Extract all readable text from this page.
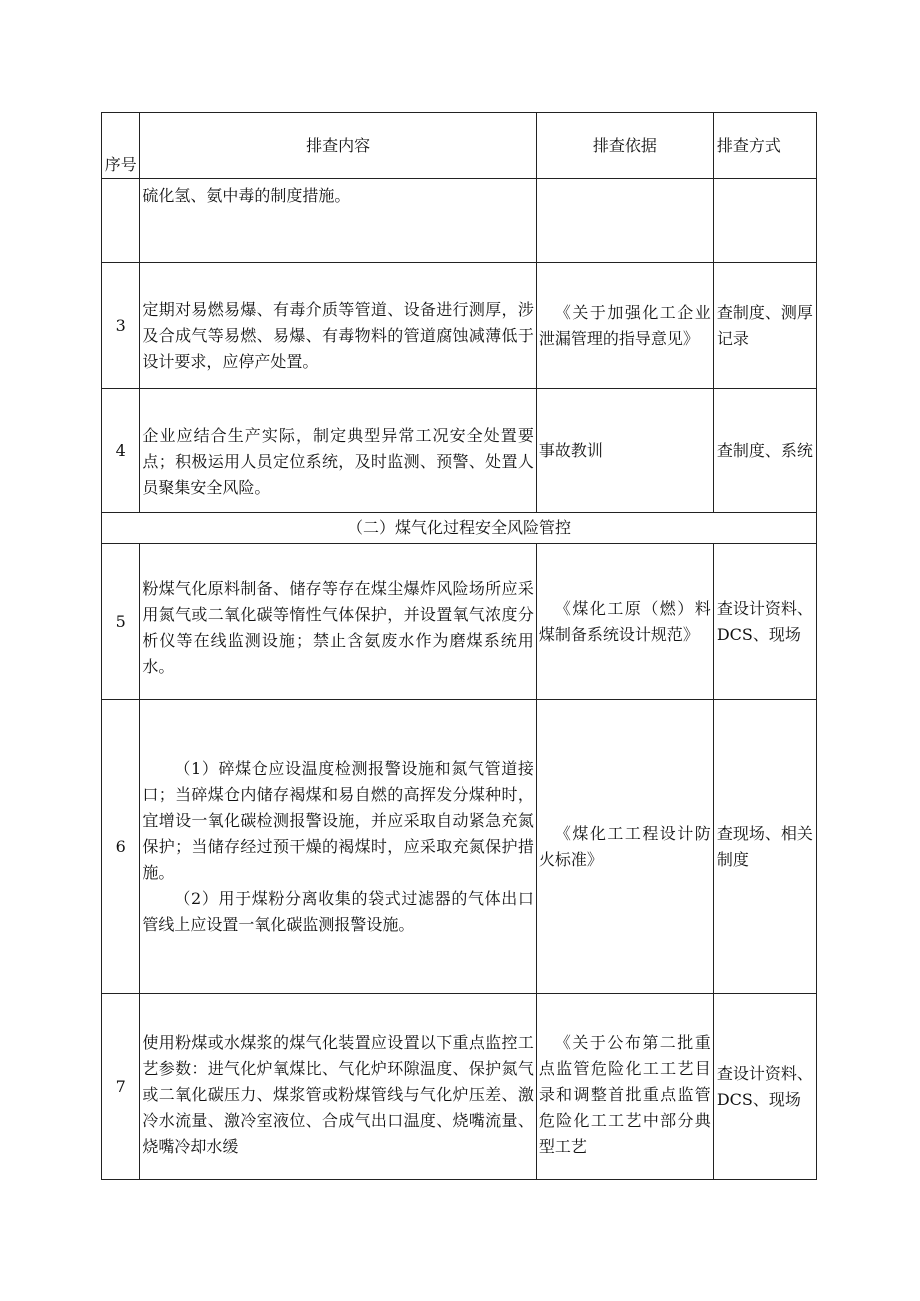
序号	排查内容	排查依据	排查方式

	硫化氢、氨中毒的制度措施。		

3	定期对易燃易爆、有毒介质等管道、设备进行测厚，涉及合成气等易燃、易爆、有毒物料的管道腐蚀减薄低于设计要求，应停产处置。	《关于加强化工企业泄漏管理的指导意见》	查制度、测厚记录
4	企业应结合生产实际，制定典型异常工况安全处置要点；积极运用人员定位系统，及时监测、预警、处置人员聚集安全风险。	事故教训	查制度、系统
（二）煤气化过程安全风险管控			
5	粉煤气化原料制备、储存等存在煤尘爆炸风险场所应采用氮气或二氧化碳等惰性气体保护，并设置氧气浓度分析仪等在线监测设施；禁止含氨废水作为磨煤系统用水。	《煤化工原（燃）料煤制备系统设计规范》	查设计资料、DCS、现场
6	（1）碎煤仓应设温度检测报警设施和氮气管道接口；当碎煤仓内储存褐煤和易自燃的高挥发分煤种时，宜增设一氧化碳检测报警设施，并应采取自动紧急充氮保护；当储存经过预干燥的褐煤时，应采取充氮保护措施。
（2）用于煤粉分离收集的袋式过滤器的气体出口管线上应设置一氧化碳监测报警设施。	《煤化工工程设计防火标准》	查现场、相关制度
7	使用粉煤或水煤浆的煤气化装置应设置以下重点监控工艺参数：进气化炉氧煤比、气化炉环隙温度、保护氮气或二氧化碳压力、煤浆管或粉煤管线与气化炉压差、激冷水流量、激冷室液位、合成气出口温度、烧嘴流量、烧嘴冷却水缓	《关于公布第二批重点监管危险化工工艺目录和调整首批重点监管危险化工工艺中部分典型工艺	查设计资料、DCS、现场
